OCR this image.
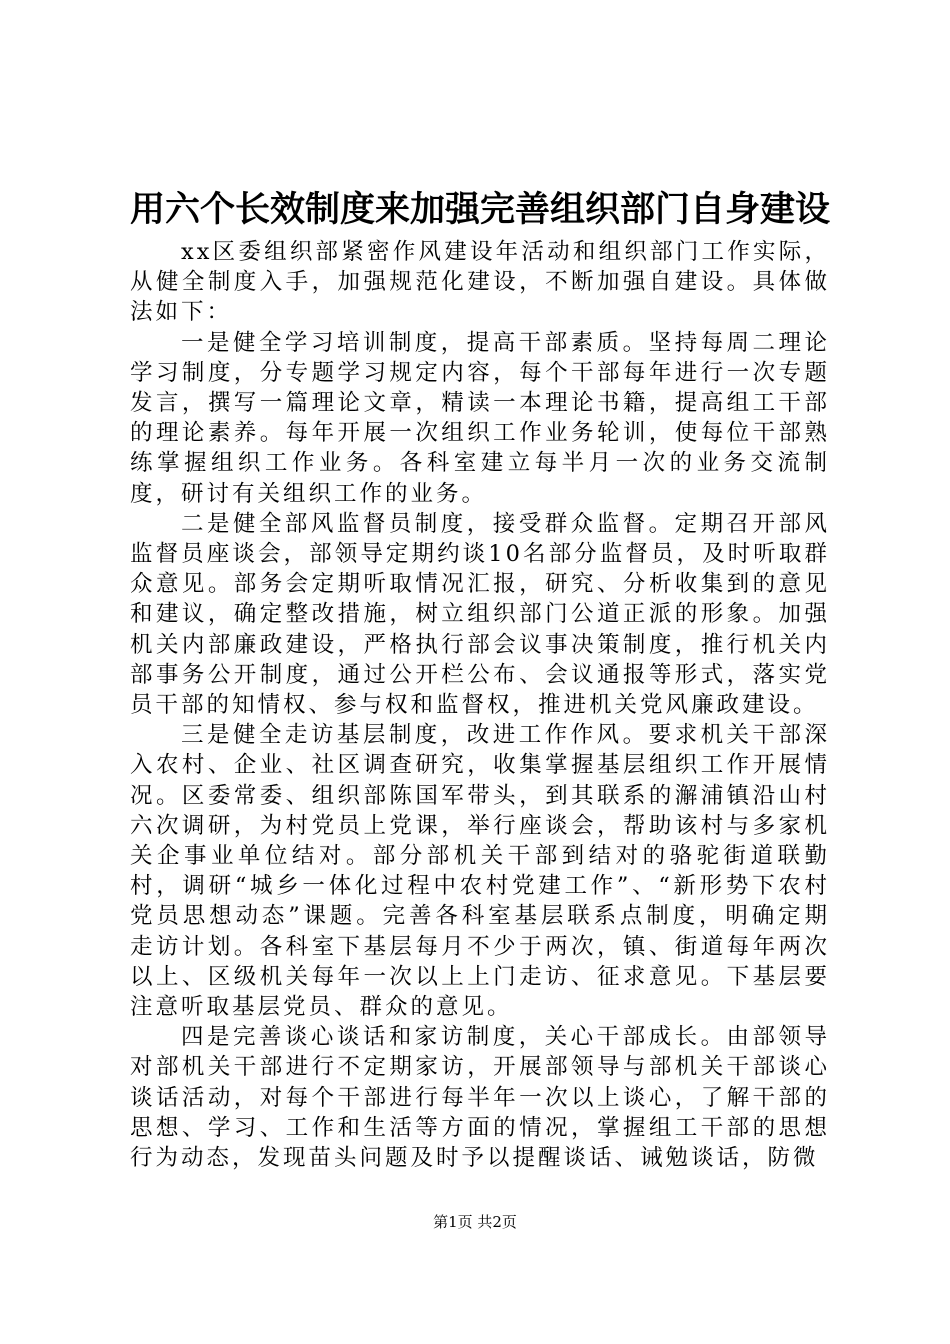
用六个长效制度来加强完善组织部门自身建设

xx区委组织部紧密作风建设年活动和组织部门工作实际，从健全制度入手，加强规范化建设，不断加强自建设。具体做法如下：

一是健全学习培训制度，提高干部素质。坚持每周二理论学习制度，分专题学习规定内容，每个干部每年进行一次专题发言，撰写一篇理论文章，精读一本理论书籍，提高组工干部的理论素养。每年开展一次组织工作业务轮训，使每位干部熟练掌握组织工作业务。各科室建立每半月一次的业务交流制度，研讨有关组织工作的业务。

二是健全部风监督员制度，接受群众监督。定期召开部风监督员座谈会，部领导定期约谈10名部分监督员，及时听取群众意见。部务会定期听取情况汇报，研究、分析收集到的意见和建议，确定整改措施，树立组织部门公道正派的形象。加强机关内部廉政建设，严格执行部会议事决策制度，推行机关内部事务公开制度，通过公开栏公布、会议通报等形式，落实党员干部的知情权、参与权和监督权，推进机关党风廉政建设。

三是健全走访基层制度，改进工作作风。要求机关干部深入农村、企业、社区调查研究，收集掌握基层组织工作开展情况。区委常委、组织部陈国军带头，到其联系的澥浦镇沿山村六次调研，为村党员上党课，举行座谈会，帮助该村与多家机关企事业单位结对。部分部机关干部到结对的骆驼街道联勤村，调研“城乡一体化过程中农村党建工作”、“新形势下农村党员思想动态”课题。完善各科室基层联系点制度，明确定期走访计划。各科室下基层每月不少于两次，镇、街道每年两次以上、区级机关每年一次以上上门走访、征求意见。下基层要注意听取基层党员、群众的意见。

四是完善谈心谈话和家访制度，关心干部成长。由部领导对部机关干部进行不定期家访，开展部领导与部机关干部谈心谈话活动，对每个干部进行每半年一次以上谈心，了解干部的思想、学习、工作和生活等方面的情况，掌握组工干部的思想行为动态，发现苗头问题及时予以提醒谈话、诫勉谈话，防微

第1页 共2页
